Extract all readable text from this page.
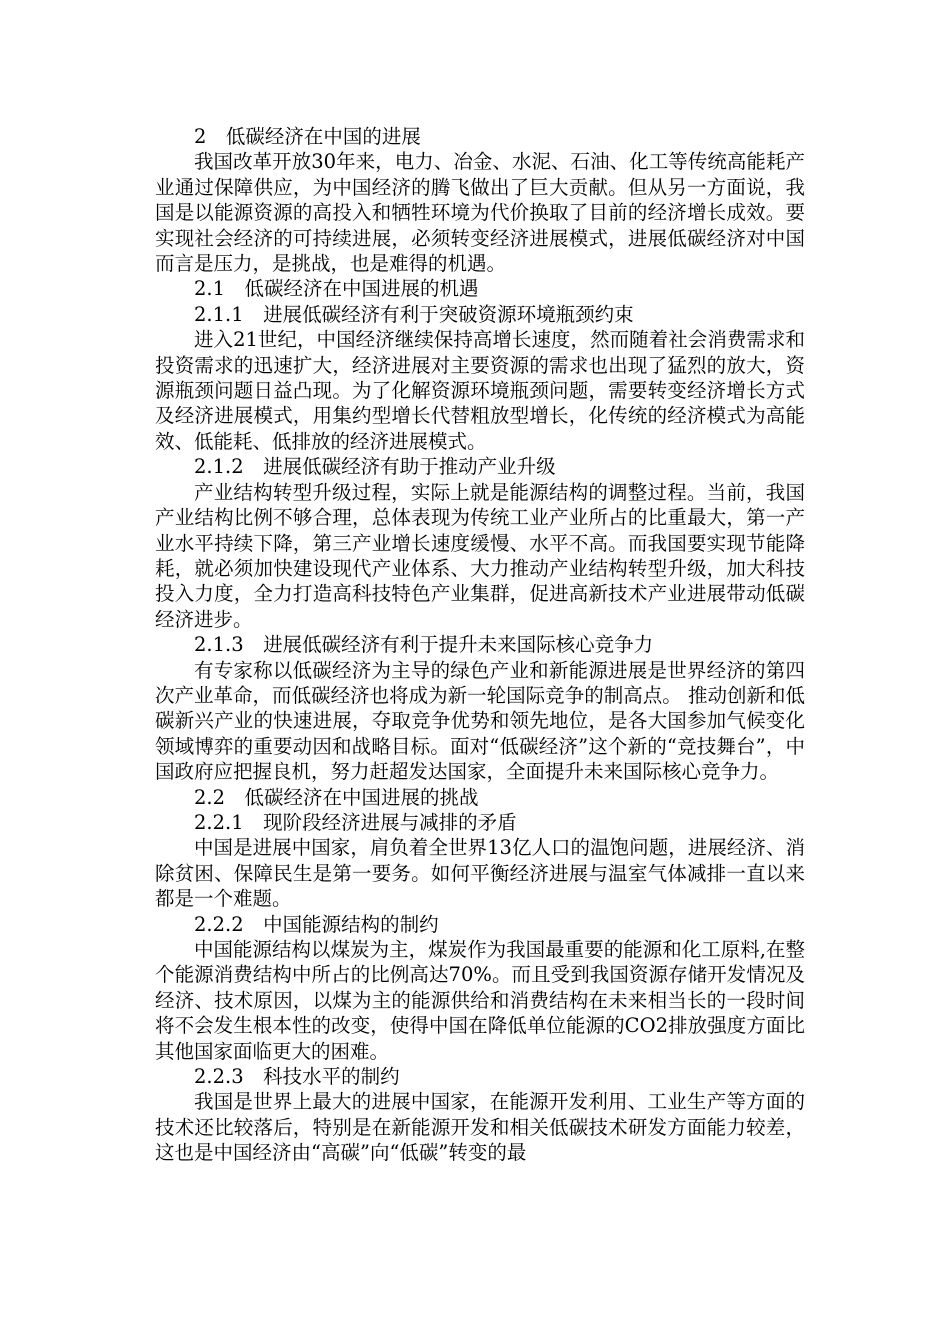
2　低碳经济在中国的进展

我国改革开放30年来，电力、冶金、水泥、石油、化工等传统高能耗产业通过保障供应，为中国经济的腾飞做出了巨大贡献。但从另一方面说，我国是以能源资源的高投入和牺牲环境为代价换取了目前的经济增长成效。要实现社会经济的可持续进展，必须转变经济进展模式，进展低碳经济对中国而言是压力，是挑战，也是难得的机遇。

2.1　低碳经济在中国进展的机遇

2.1.1　进展低碳经济有利于突破资源环境瓶颈约束

进入21世纪，中国经济继续保持高增长速度，然而随着社会消费需求和投资需求的迅速扩大，经济进展对主要资源的需求也出现了猛烈的放大，资源瓶颈问题日益凸现。为了化解资源环境瓶颈问题，需要转变经济增长方式及经济进展模式，用集约型增长代替粗放型增长，化传统的经济模式为高能效、低能耗、低排放的经济进展模式。

2.1.2　进展低碳经济有助于推动产业升级

产业结构转型升级过程，实际上就是能源结构的调整过程。当前，我国产业结构比例不够合理，总体表现为传统工业产业所占的比重最大，第一产业水平持续下降，第三产业增长速度缓慢、水平不高。而我国要实现节能降耗，就必须加快建设现代产业体系、大力推动产业结构转型升级，加大科技投入力度，全力打造高科技特色产业集群，促进高新技术产业进展带动低碳经济进步。

2.1.3　进展低碳经济有利于提升未来国际核心竞争力

有专家称以低碳经济为主导的绿色产业和新能源进展是世界经济的第四次产业革命，而低碳经济也将成为新一轮国际竞争的制高点。 推动创新和低碳新兴产业的快速进展，夺取竞争优势和领先地位，是各大国参加气候变化领域博弈的重要动因和战略目标。面对“低碳经济”这个新的“竞技舞台”，中国政府应把握良机，努力赶超发达国家，全面提升未来国际核心竞争力。

2.2　低碳经济在中国进展的挑战

2.2.1　现阶段经济进展与减排的矛盾

中国是进展中国家，肩负着全世界13亿人口的温饱问题，进展经济、消除贫困、保障民生是第一要务。如何平衡经济进展与温室气体减排一直以来都是一个难题。

2.2.2　中国能源结构的制约

中国能源结构以煤炭为主，煤炭作为我国最重要的能源和化工原料,在整个能源消费结构中所占的比例高达70%。而且受到我国资源存储开发情况及经济、技术原因，以煤为主的能源供给和消费结构在未来相当长的一段时间将不会发生根本性的改变，使得中国在降低单位能源的CO2排放强度方面比其他国家面临更大的困难。

2.2.3　科技水平的制约

我国是世界上最大的进展中国家，在能源开发利用、工业生产等方面的技术还比较落后，特别是在新能源开发和相关低碳技术研发方面能力较差，这也是中国经济由“高碳”向“低碳”转变的最
